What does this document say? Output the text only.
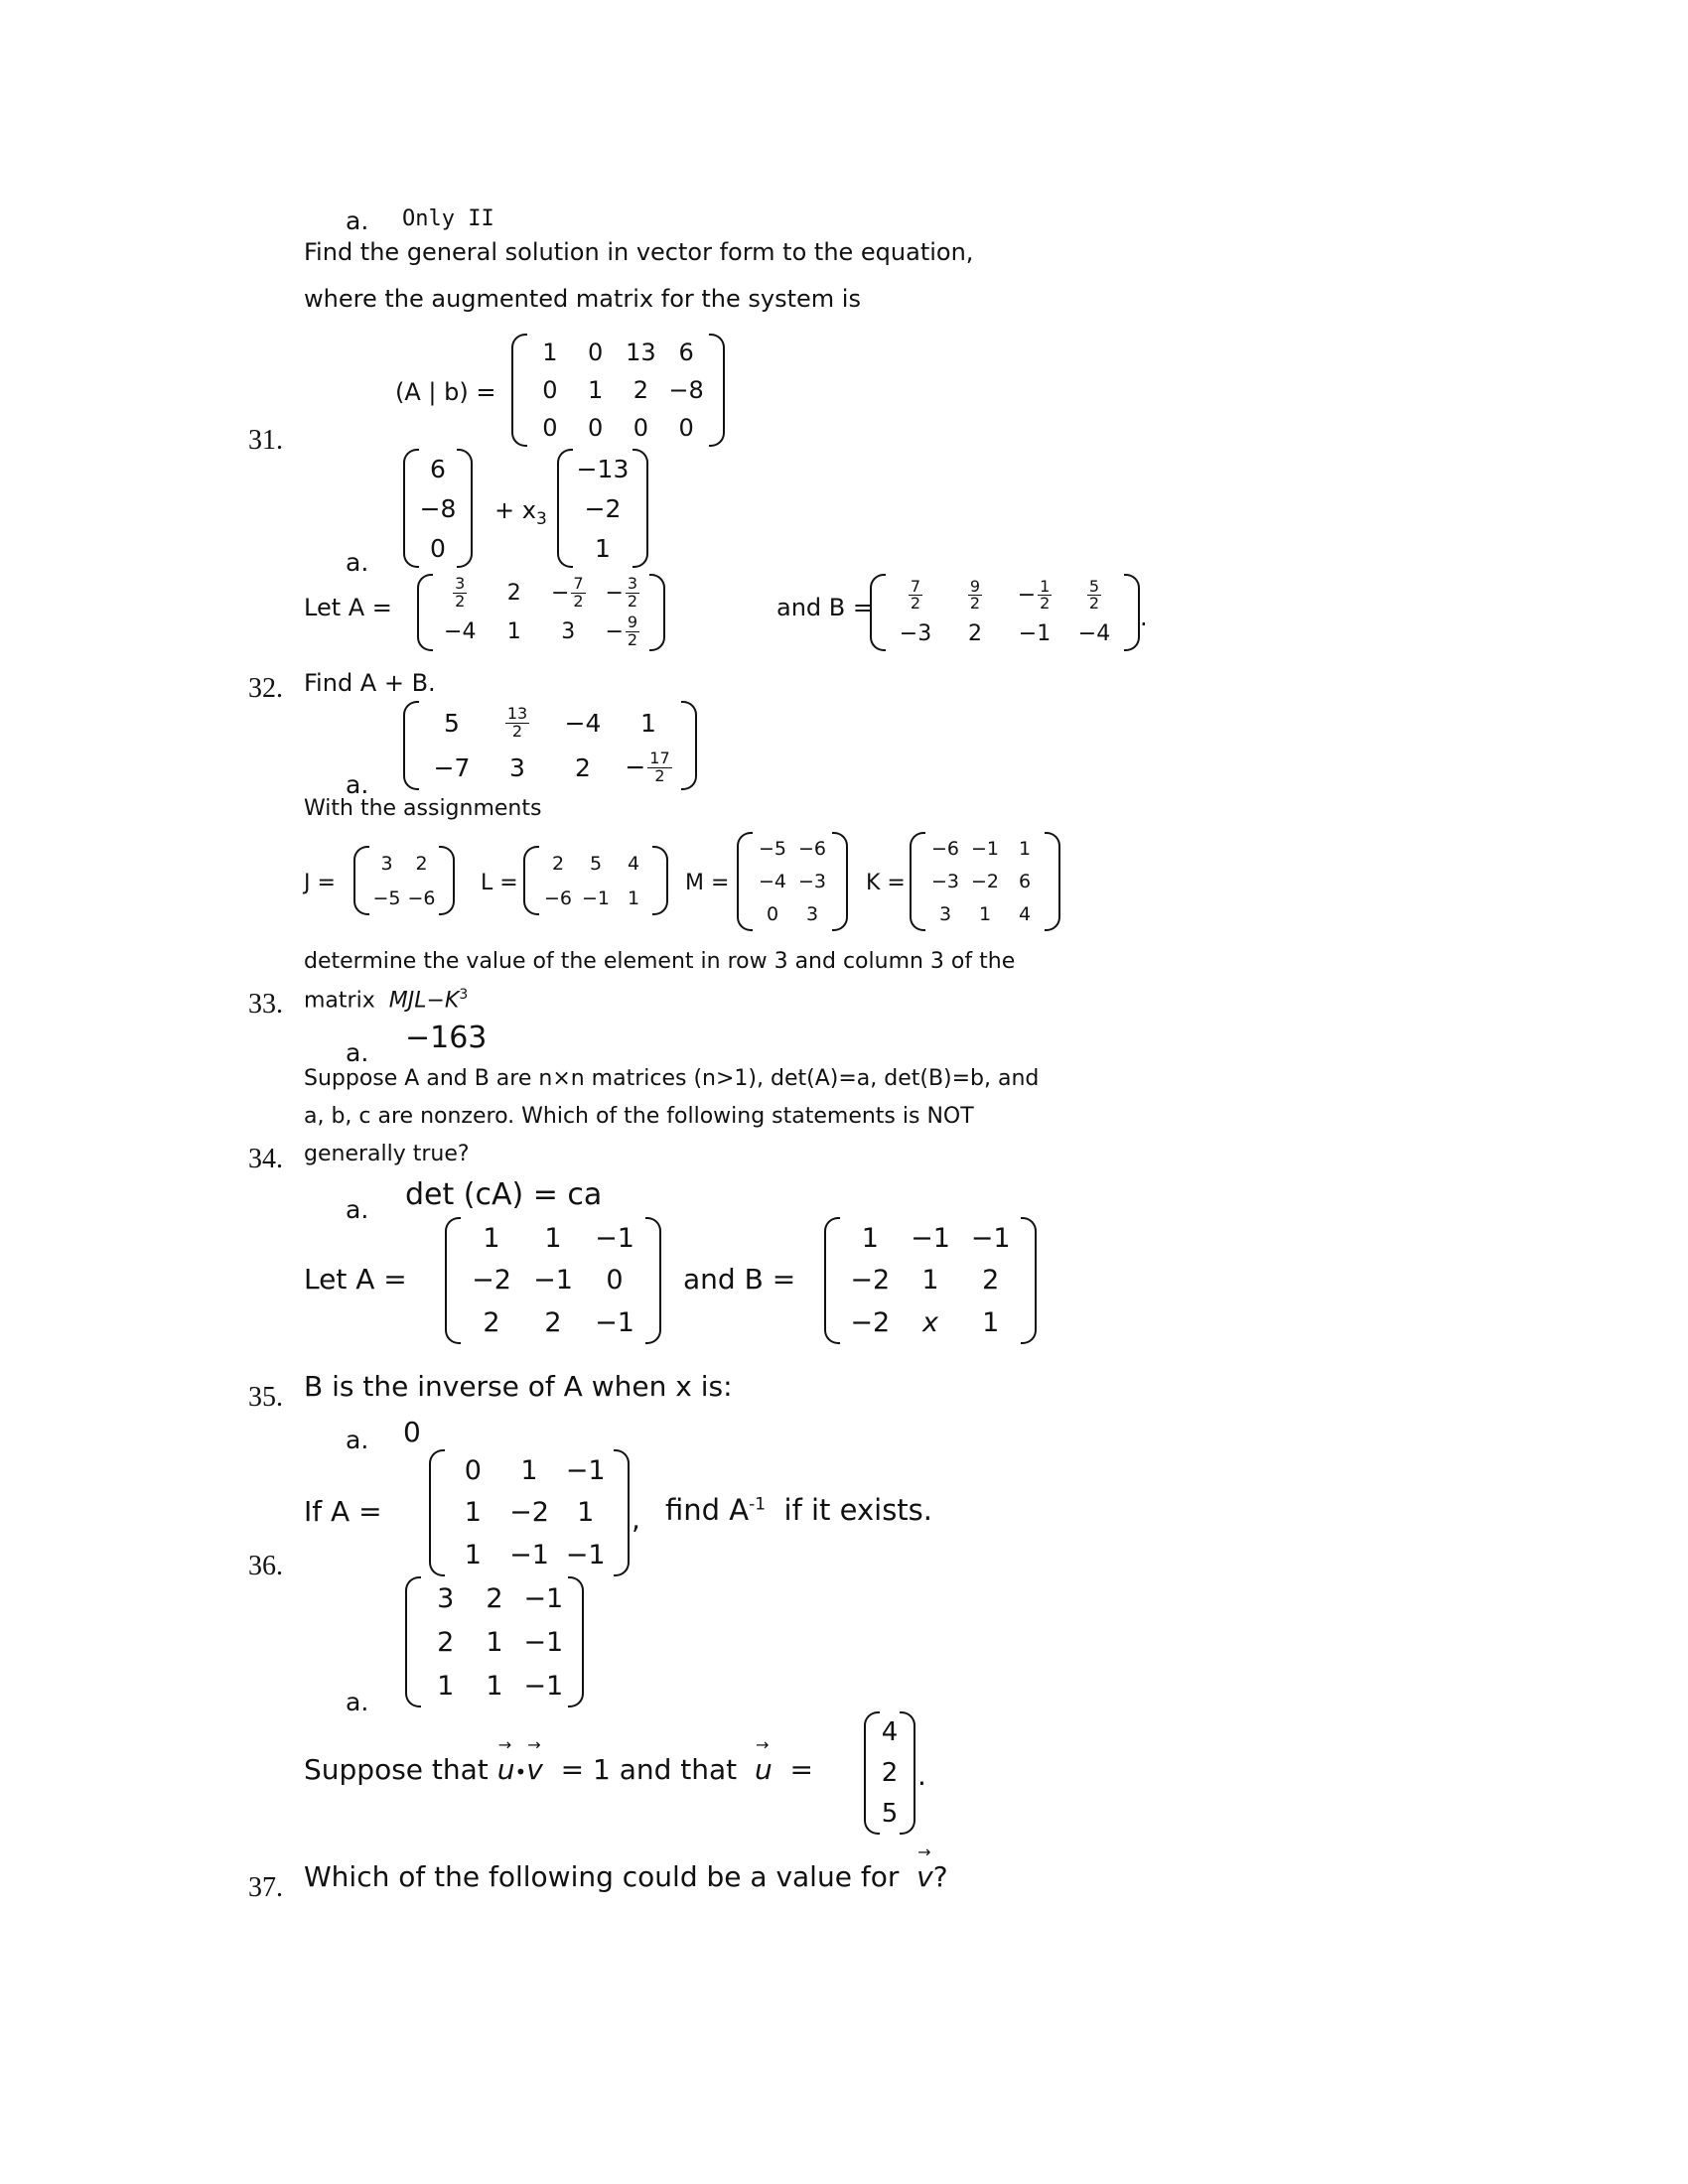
a. Only II
Find the general solution in vector form to the equation,
where the augmented matrix for the system is
(A | b) =
1 0 13 6
0 1 2 −8
0 0 0 0
31.
6
−8
0
+ $x_3$
−13
−2
1
a.
Let A =	$\frac{3}{2} 2 - \frac{7}{2} - \frac{3}{2}$
−4 1 $3 - \frac{9}{2}$
and $B = \frac{7}{2}$	$\frac{9}{2} - \frac{1}{2} \frac{5}{2}$
−3 2 −1 −4
.
32. Find A + B.
5	$\frac{13}{2} -4$ 1
−7 3 $2 - \frac{17}{2}$
a.
With the assignments
J =
3 2
−5 −6
L =
2 5 4
−6 −1 1
M =
−5 −6
−4 −3
0 3
K =
−6 −1 1
−3 −2 6
3 1 4
determine the value of the element in row 3 and column 3 of the
33. matrix $MJL-K^3$
a. −163
Suppose A and B are n×n matrices (n>1), det(A)=a, det(B)=b, and
a, b, c are nonzero. Which of the following statements is NOT
34. generally true?
a. det (cA) = ca
Let A =
1 1 −1
−2 −1 0
2 2 −1
and B =
1 −1 −1
−2 1 2
−2 x 1
35. B is the inverse of A when x is:
a. 0
If A =
0 1 −1
1 −2 1
1 −1 −1
, find $A^{-1}$ if it exists.
36.
3 2 −1
2 1 −1
1 1 −1
a.
Suppose that → u•→ v = 1 and that → u =
4
2
5
.
37. Which of the following could be a value for → v?
